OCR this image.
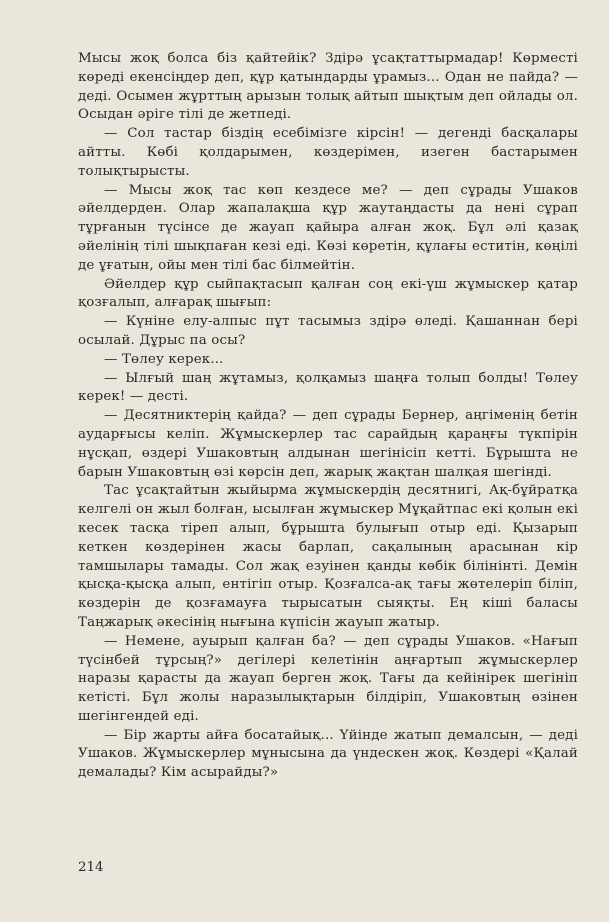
Мысы жоқ болса біз қайтейік? Здірә ұсақтаттырмадар! Көрместі көреді екенсіңдер деп, құр қатындарды ұрамыз... Одан не пайда? — деді. Осымен жұрттың арызын толық айтып шықтым деп ойлады ол. Осыдан әріге тілі де жетпеді.

— Сол тастар біздің есебімізге кірсін! — дегенді басқалары айтты. Көбі қолдарымен, көздерімен, изеген бастарымен толықтырысты.

— Мысы жоқ тас көп кездесе ме? — деп сұрады Ушаков әйелдерден. Олар жапалақша құр жаутаңдасты да нені сұрап тұрғанын түсінсе де жауап қайыра алған жоқ. Бұл әлі қазақ әйелінің тілі шықпаған кезі еді. Көзі көретін, құлағы еститін, көңілі де ұғатын, ойы мен тілі бас білмейтін.

Әйелдер құр сыйпақтасып қалған соң екі-үш жұмыскер қатар қозғалып, алғарақ шығып:

— Күніне елу-алпыс пұт тасымыз здірә өледі. Қашаннан бері осылай. Дұрыс па осы?

— Төлеу керек...

— Ылғый шаң жұтамыз, қолқамыз шаңға толып болды! Төлеу керек! — десті.

— Десятниктерің қайда? — деп сұрады Бернер, аңгіменің бетін аударғысы келіп. Жұмыскерлер тас сарайдың қараңғы түкпірін нұсқап, өздері Ушаковтың алдынан шегінісіп кетті. Бұрышта не барын Ушаковтың өзі көрсін деп, жарық жақтан шалқая шегінді.

Тас ұсақтайтын жыйырма жұмыскердің десятнигі, Ақ-бұйратқа келгелі он жыл болған, ысылған жұмыскер Мұқайтпас екі қолын екі кесек тасқа тіреп алып, бұрышта булығып отыр еді. Қызарып кеткен көздерінен жасы барлап, сақалының арасынан кір тамшылары тамады. Сол жақ езуінен қанды көбік білінінті. Демін қысқа-қысқа алып, ентігіп отыр. Қозғалса-ақ тағы жөтелеріп біліп, көздерін де қозғамауға тырысатын сыяқты. Ең кіші баласы Таңжарық әкесінің нығына күпісін жауып жатыр.

— Немене, ауырып қалған ба? — деп сұрады Ушаков. «Нағып түсінбей тұрсың?» дегілері келетінін аңғартып жұмыскерлер наразы қарасты да жауап берген жоқ. Тағы да кейінірек шегініп кетісті. Бұл жолы наразылықтарын білдіріп, Ушаковтың өзінен шегінгендей еді.

— Бір жарты айға босатайық... Үйінде жатып демалсын, — деді Ушаков. Жұмыскерлер мұнысына да үндескен жоқ. Көздері «Қалай демалады? Кім асырайды?»

214
